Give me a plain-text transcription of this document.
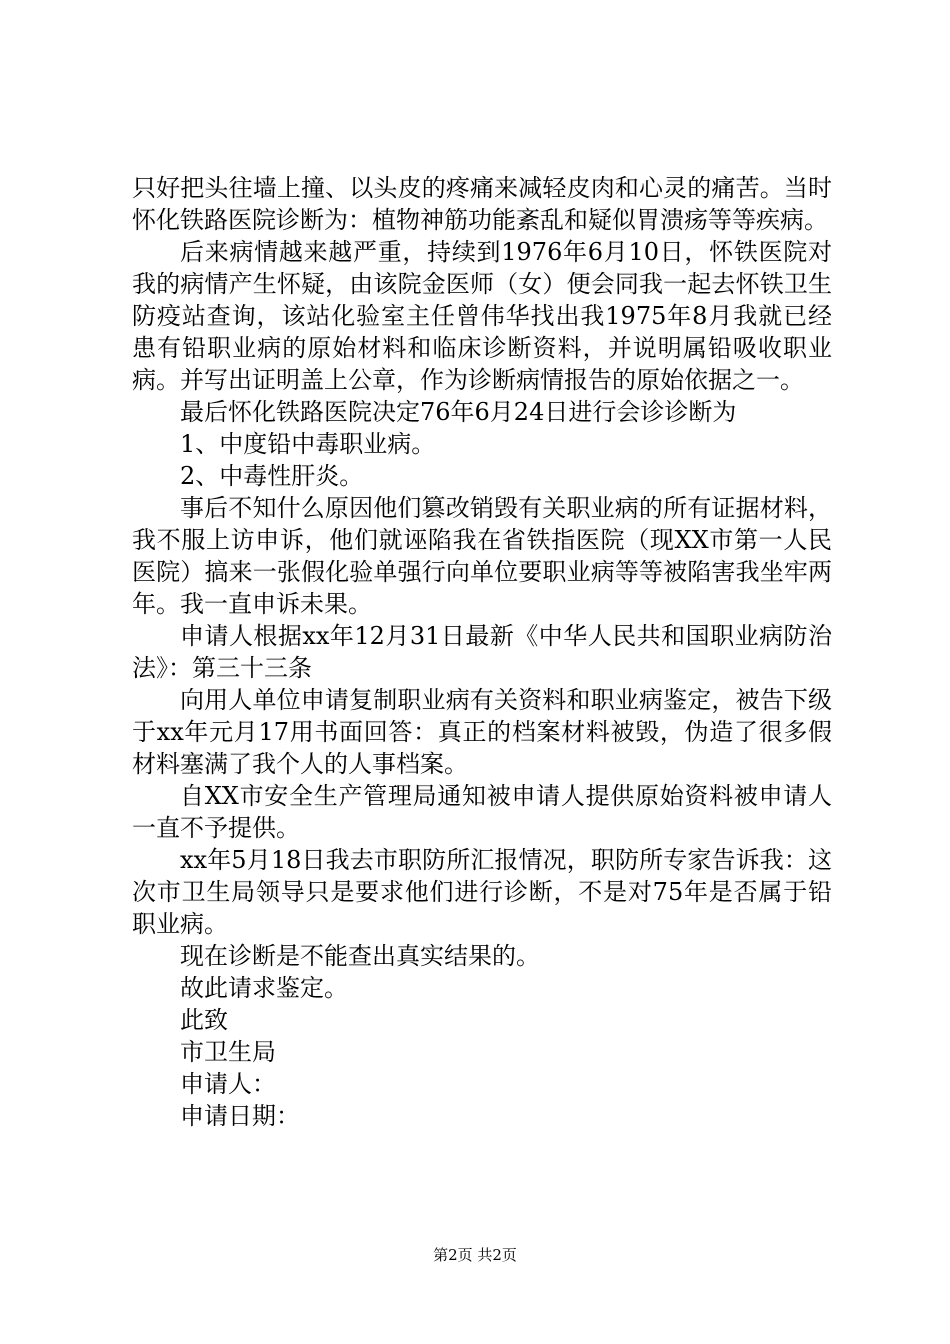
只好把头往墙上撞、以头皮的疼痛来减轻皮肉和心灵的痛苦。当时怀化铁路医院诊断为：植物神筋功能紊乱和疑似胃溃疡等等疾病。

后来病情越来越严重，持续到1976年6月10日，怀铁医院对我的病情产生怀疑，由该院金医师（女）便会同我一起去怀铁卫生防疫站查询，该站化验室主任曾伟华找出我1975年8月我就已经患有铅职业病的原始材料和临床诊断资料，并说明属铅吸收职业病。并写出证明盖上公章，作为诊断病情报告的原始依据之一。

最后怀化铁路医院决定76年6月24日进行会诊诊断为

1、中度铅中毒职业病。

2、中毒性肝炎。

事后不知什么原因他们篡改销毁有关职业病的所有证据材料，我不服上访申诉，他们就诬陷我在省铁指医院（现XX市第一人民医院）搞来一张假化验单强行向单位要职业病等等被陷害我坐牢两年。我一直申诉未果。

申请人根据xx年12月31日最新《中华人民共和国职业病防治法》：第三十三条

向用人单位申请复制职业病有关资料和职业病鉴定，被告下级于xx年元月17用书面回答：真正的档案材料被毁，伪造了很多假材料塞满了我个人的人事档案。

自XX市安全生产管理局通知被申请人提供原始资料被申请人一直不予提供。

xx年5月18日我去市职防所汇报情况，职防所专家告诉我：这次市卫生局领导只是要求他们进行诊断，不是对75年是否属于铅职业病。

现在诊断是不能查出真实结果的。

故此请求鉴定。

此致

市卫生局

申请人：

申请日期：

第2页 共2页
